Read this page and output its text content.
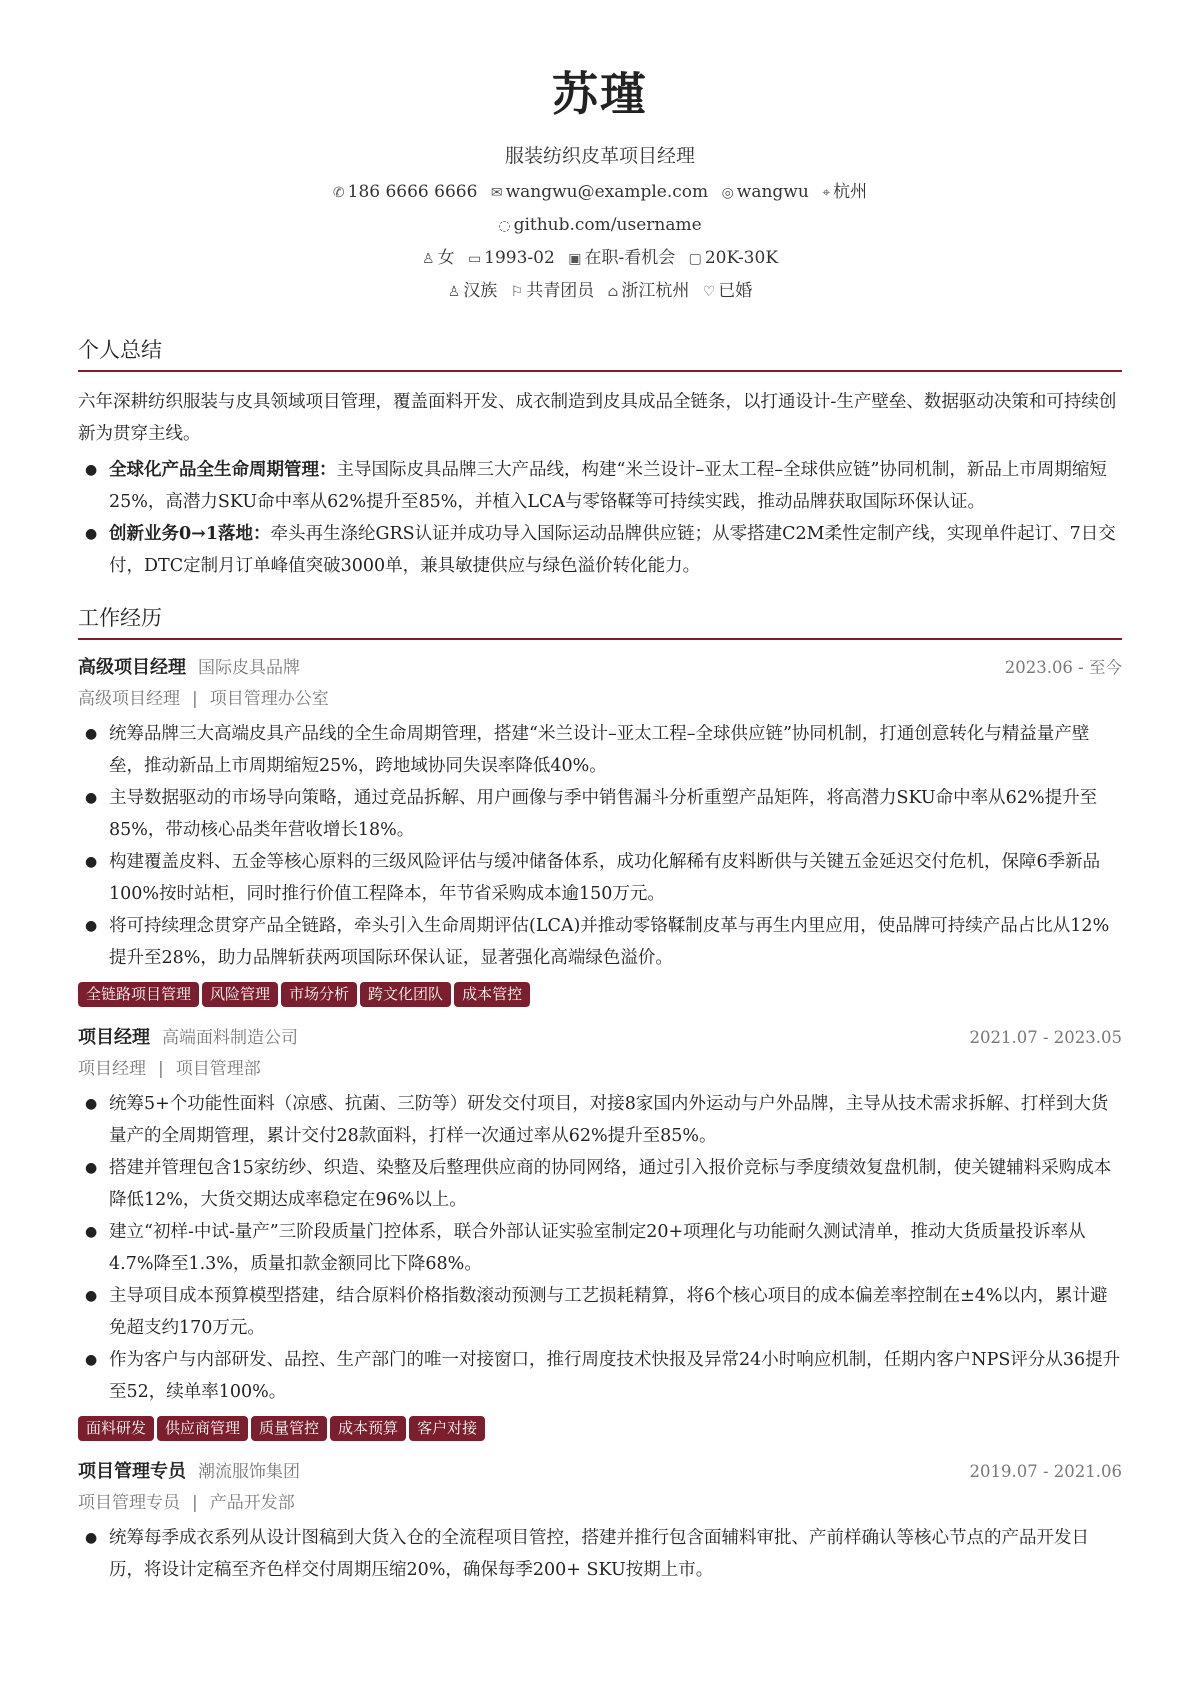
苏瑾
服装纺织皮革项目经理
✆ 186 6666 6666 ✉ wangwu@example.com ◎ wangwu ⌖ 杭州
◌ github.com/username
♙ 女 ▭ 1993-02 ▣ 在职-看机会 ▢ 20K-30K
♙ 汉族 ⚐ 共青团员 ⌂ 浙江杭州 ♡ 已婚
个人总结
六年深耕纺织服装与皮具领域项目管理，覆盖面料开发、成衣制造到皮具成品全链条，以打通设计-生产壁垒、数据驱动决策和可持续创新为贯穿主线。
● 全球化产品全生命周期管理：主导国际皮具品牌三大产品线，构建“米兰设计–亚太工程–全球供应链”协同机制，新品上市周期缩短25%，高潜力SKU命中率从62%提升至85%，并植入LCA与零铬鞣等可持续实践，推动品牌获取国际环保认证。
● 创新业务0→1落地：牵头再生涤纶GRS认证并成功导入国际运动品牌供应链；从零搭建C2M柔性定制产线，实现单件起订、7日交付，DTC定制月订单峰值突破3000单，兼具敏捷供应与绿色溢价转化能力。
工作经历
高级项目经理 国际皮具品牌	2023.06 - 至今
高级项目经理 | 项目管理办公室
● 统筹品牌三大高端皮具产品线的全生命周期管理，搭建“米兰设计–亚太工程–全球供应链”协同机制，打通创意转化与精益量产壁垒，推动新品上市周期缩短25%，跨地域协同失误率降低40%。
● 主导数据驱动的市场导向策略，通过竞品拆解、用户画像与季中销售漏斗分析重塑产品矩阵，将高潜力SKU命中率从62%提升至85%，带动核心品类年营收增长18%。
● 构建覆盖皮料、五金等核心原料的三级风险评估与缓冲储备体系，成功化解稀有皮料断供与关键五金延迟交付危机，保障6季新品100%按时站柜，同时推行价值工程降本，年节省采购成本逾150万元。
● 将可持续理念贯穿产品全链路，牵头引入生命周期评估(LCA)并推动零铬鞣制皮革与再生内里应用，使品牌可持续产品占比从12%提升至28%，助力品牌斩获两项国际环保认证，显著强化高端绿色溢价。
全链路项目管理 风险管理 市场分析 跨文化团队 成本管控
项目经理 高端面料制造公司	2021.07 - 2023.05
项目经理 | 项目管理部
● 统筹5+个功能性面料（凉感、抗菌、三防等）研发交付项目，对接8家国内外运动与户外品牌，主导从技术需求拆解、打样到大货量产的全周期管理，累计交付28款面料，打样一次通过率从62%提升至85%。
● 搭建并管理包含15家纺纱、织造、染整及后整理供应商的协同网络，通过引入报价竞标与季度绩效复盘机制，使关键辅料采购成本降低12%，大货交期达成率稳定在96%以上。
● 建立“初样-中试-量产”三阶段质量门控体系，联合外部认证实验室制定20+项理化与功能耐久测试清单，推动大货质量投诉率从4.7%降至1.3%，质量扣款金额同比下降68%。
● 主导项目成本预算模型搭建，结合原料价格指数滚动预测与工艺损耗精算，将6个核心项目的成本偏差率控制在±4%以内，累计避免超支约170万元。
● 作为客户与内部研发、品控、生产部门的唯一对接窗口，推行周度技术快报及异常24小时响应机制，任期内客户NPS评分从36提升至52，续单率100%。
面料研发 供应商管理 质量管控 成本预算 客户对接
项目管理专员 潮流服饰集团	2019.07 - 2021.06
项目管理专员 | 产品开发部
● 统筹每季成衣系列从设计图稿到大货入仓的全流程项目管控，搭建并推行包含面辅料审批、产前样确认等核心节点的产品开发日历，将设计定稿至齐色样交付周期压缩20%，确保每季200+ SKU按期上市。
